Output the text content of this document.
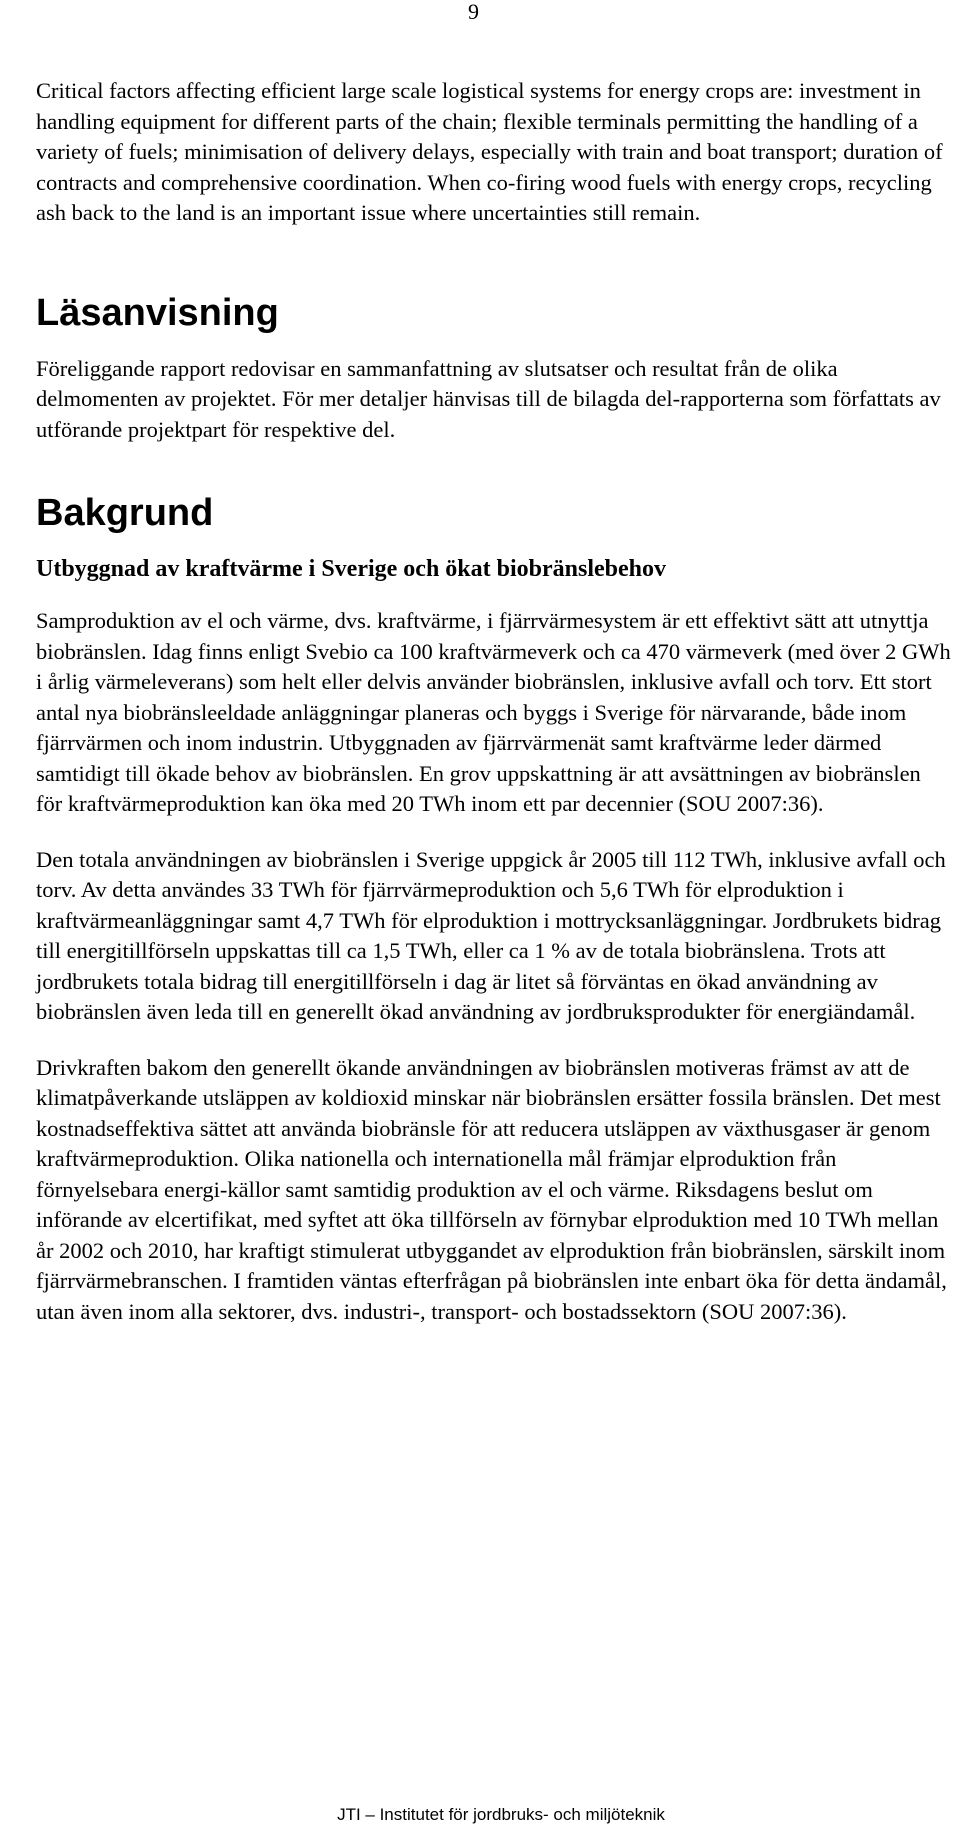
9

Critical factors affecting efficient large scale logistical systems for energy crops are: investment in handling equipment for different parts of the chain; flexible terminals permitting the handling of a variety of fuels; minimisation of delivery delays, especially with train and boat transport; duration of contracts and comprehensive coordination. When co-firing wood fuels with energy crops, recycling ash back to the land is an important issue where uncertainties still remain.

Läsanvisning

Föreliggande rapport redovisar en sammanfattning av slutsatser och resultat från de olika delmomenten av projektet. För mer detaljer hänvisas till de bilagda del-rapporterna som författats av utförande projektpart för respektive del.

Bakgrund
Utbyggnad av kraftvärme i Sverige och ökat biobränslebehov

Samproduktion av el och värme, dvs. kraftvärme, i fjärrvärmesystem är ett effektivt sätt att utnyttja biobränslen. Idag finns enligt Svebio ca 100 kraftvärmeverk och ca 470 värmeverk (med över 2 GWh i årlig värmeleverans) som helt eller delvis använder biobränslen, inklusive avfall och torv. Ett stort antal nya biobränsleeldade anläggningar planeras och byggs i Sverige för närvarande, både inom fjärrvärmen och inom industrin. Utbyggnaden av fjärrvärmenät samt kraftvärme leder därmed samtidigt till ökade behov av biobränslen. En grov uppskattning är att avsättningen av biobränslen för kraftvärmeproduktion kan öka med 20 TWh inom ett par decennier (SOU 2007:36).

Den totala användningen av biobränslen i Sverige uppgick år 2005 till 112 TWh, inklusive avfall och torv. Av detta användes 33 TWh för fjärrvärmeproduktion och 5,6 TWh för elproduktion i kraftvärmeanläggningar samt 4,7 TWh för elproduktion i mottrycksanläggningar. Jordbrukets bidrag till energitillförseln uppskattas till ca 1,5 TWh, eller ca 1 % av de totala biobränslena. Trots att jordbrukets totala bidrag till energitillförseln i dag är litet så förväntas en ökad användning av biobränslen även leda till en generellt ökad användning av jordbruksprodukter för energiändamål.

Drivkraften bakom den generellt ökande användningen av biobränslen motiveras främst av att de klimatpåverkande utsläppen av koldioxid minskar när biobränslen ersätter fossila bränslen. Det mest kostnadseffektiva sättet att använda biobränsle för att reducera utsläppen av växthusgaser är genom kraftvärmeproduktion. Olika nationella och internationella mål främjar elproduktion från förnyelsebara energi-källor samt samtidig produktion av el och värme. Riksdagens beslut om införande av elcertifikat, med syftet att öka tillförseln av förnybar elproduktion med 10 TWh mellan år 2002 och 2010, har kraftigt stimulerat utbyggandet av elproduktion från biobränslen, särskilt inom fjärrvärmebranschen. I framtiden väntas efterfrågan på biobränslen inte enbart öka för detta ändamål, utan även inom alla sektorer, dvs. industri-, transport- och bostadssektorn (SOU 2007:36).

JTI – Institutet för jordbruks- och miljöteknik
